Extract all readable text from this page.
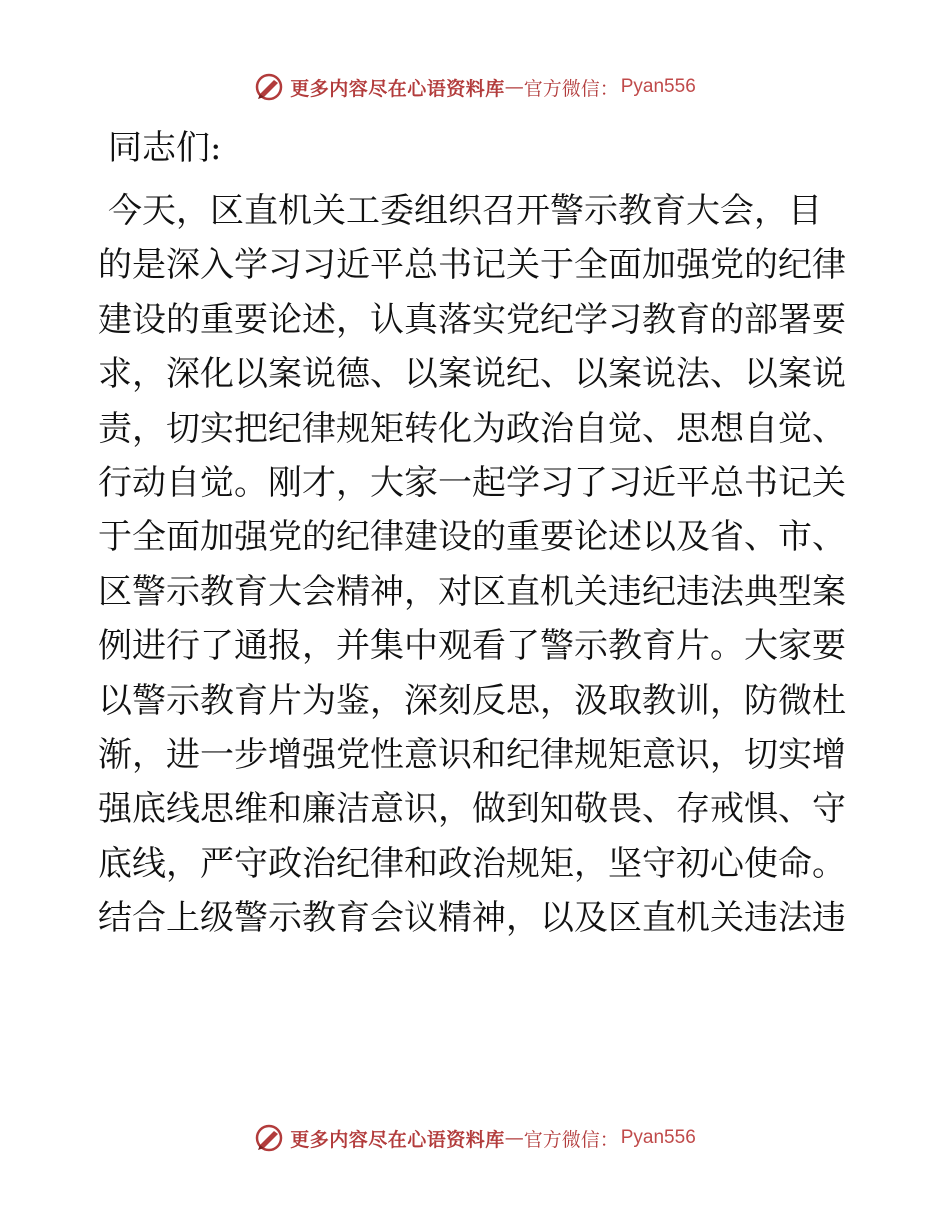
更多内容尽在心语资料库 — 官方微信： Pyan556
同志们:
今天，区直机关工委组织召开警示教育大会，目
的是深入学习习近平总书记关于全面加强党的纪律
建设的重要论述，认真落实党纪学习教育的部署要
求，深化以案说德、以案说纪、以案说法、以案说
责，切实把纪律规矩转化为政治自觉、思想自觉、
行动自觉。刚才，大家一起学习了习近平总书记关
于全面加强党的纪律建设的重要论述以及省、市、
区警示教育大会精神，对区直机关违纪违法典型案
例进行了通报，并集中观看了警示教育片。大家要
以警示教育片为鉴，深刻反思，汲取教训，防微杜
渐，进一步增强党性意识和纪律规矩意识，切实增
强底线思维和廉洁意识，做到知敬畏、存戒惧、守
底线，严守政治纪律和政治规矩，坚守初心使命。
结合上级警示教育会议精神，以及区直机关违法违
更多内容尽在心语资料库 — 官方微信： Pyan556
